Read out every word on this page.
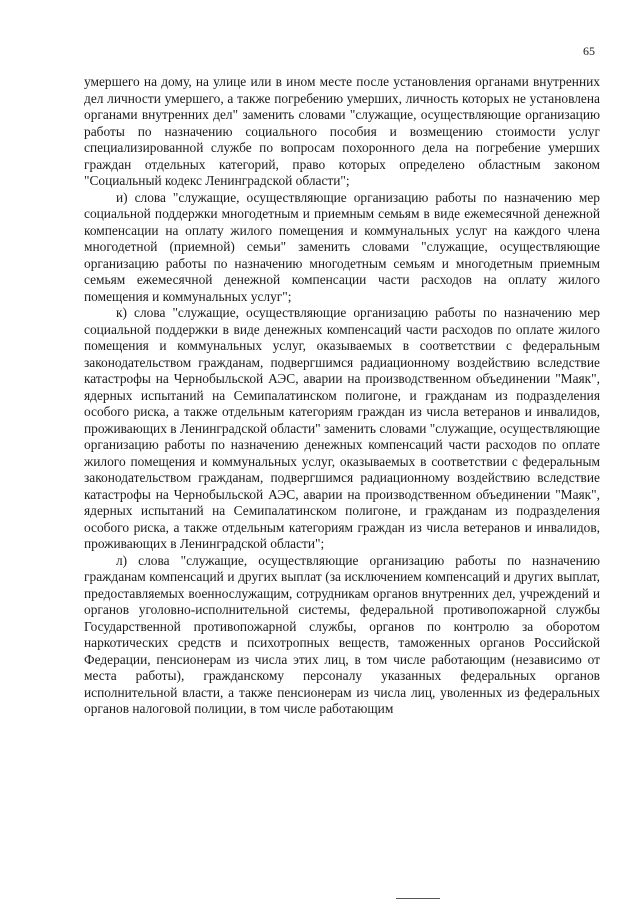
65

умершего на дому, на улице или в ином месте после установления органами внутренних дел личности умершего, а также погребению умерших, личность которых не установлена органами внутренних дел" заменить словами "служащие, осуществляющие организацию работы по назначению социального пособия и возмещению стоимости услуг специализированной службе по вопросам похоронного дела на погребение умерших граждан отдельных категорий, право которых определено областным законом "Социальный кодекс Ленинградской области";

и) слова "служащие, осуществляющие организацию работы по назначению мер социальной поддержки многодетным и приемным семьям в виде ежемесячной денежной компенсации на оплату жилого помещения и коммунальных услуг на каждого члена многодетной (приемной) семьи" заменить словами "служащие, осуществляющие организацию работы по назначению многодетным семьям и многодетным приемным семьям ежемесячной денежной компенсации части расходов на оплату жилого помещения и коммунальных услуг";

к) слова "служащие, осуществляющие организацию работы по назначению мер социальной поддержки в виде денежных компенсаций части расходов по оплате жилого помещения и коммунальных услуг, оказываемых в соответствии с федеральным законодательством гражданам, подвергшимся радиационному воздействию вследствие катастрофы на Чернобыльской АЭС, аварии на производственном объединении "Маяк", ядерных испытаний на Семипалатинском полигоне, и гражданам из подразделения особого риска, а также отдельным категориям граждан из числа ветеранов и инвалидов, проживающих в Ленинградской области" заменить словами "служащие, осуществляющие организацию работы по назначению денежных компенсаций части расходов по оплате жилого помещения и коммунальных услуг, оказываемых в соответствии с федеральным законодательством гражданам, подвергшимся радиационному воздействию вследствие катастрофы на Чернобыльской АЭС, аварии на производственном объединении "Маяк", ядерных испытаний на Семипалатинском полигоне, и гражданам из подразделения особого риска, а также отдельным категориям граждан из числа ветеранов и инвалидов, проживающих в Ленинградской области";

л) слова "служащие, осуществляющие организацию работы по назначению гражданам компенсаций и других выплат (за исключением компенсаций и других выплат, предоставляемых военнослужащим, сотрудникам органов внутренних дел, учреждений и органов уголовно-исполнительной системы, федеральной противопожарной службы Государственной противопожарной службы, органов по контролю за оборотом наркотических средств и психотропных веществ, таможенных органов Российской Федерации, пенсионерам из числа этих лиц, в том числе работающим (независимо от места работы), гражданскому персоналу указанных федеральных органов исполнительной власти, а также пенсионерам из числа лиц, уволенных из федеральных органов налоговой полиции, в том числе работающим
